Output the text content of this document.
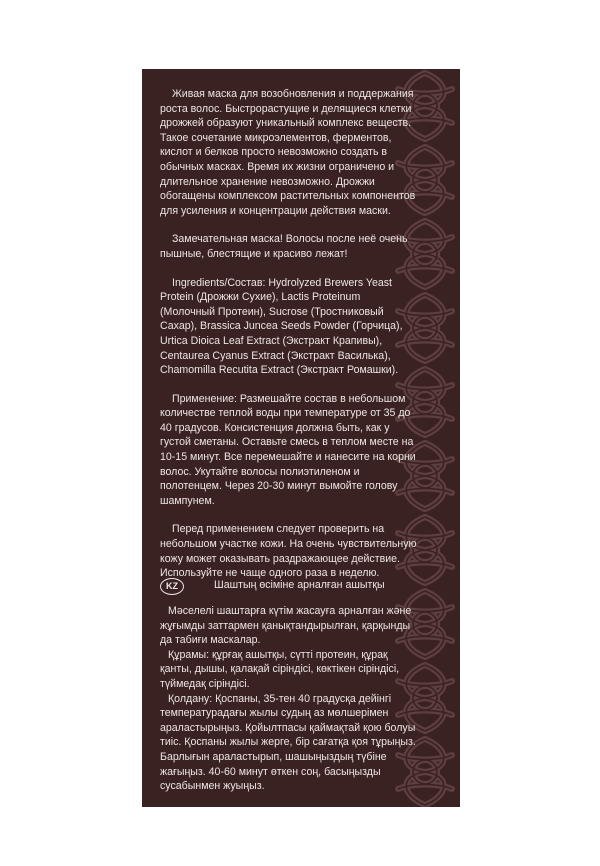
Живая маска для возобновления и поддержания роста волос. Быстрорастущие и делящиеся клетки дрожжей образуют уникальный комплекс веществ. Такое сочетание микроэлементов, ферментов, кислот и белков просто невозможно создать в обычных масках. Время их жизни ограничено и длительное хранение невозможно. Дрожжи обогащены комплексом растительных компонентов для усиления и концентрации действия маски.

Замечательная маска! Волосы после неё очень пышные, блестящие и красиво лежат!

Ingredients/Состав: Hydrolyzed Brewers Yeast Protein (Дрожжи Сухие), Lactis Proteinum (Молочный Протеин), Sucrose (Тростниковый Сахар), Brassica Juncea Seeds Powder (Горчица), Urtica Dioica Leaf Extract (Экстракт Крапивы), Centaurea Cyanus Extract (Экстракт Василька), Chamomilla Recutita Extract (Экстракт Ромашки).

Применение: Размешайте состав в небольшом количестве теплой воды при температуре от 35 до 40 градусов. Консистенция должна быть, как у густой сметаны. Оставьте смесь в теплом месте на 10-15 минут. Все перемешайте и нанесите на корни волос. Укутайте волосы полиэтиленом и полотенцем. Через 20-30 минут вымойте голову шампунем.

Перед применением следует проверить на небольшом участке кожи. На очень чувствительную кожу может оказывать раздражающее действие. Используйте не чаще одного раза в неделю.

KZ	Шаштың өсіміне арналған ашытқы

Мәселелі шаштарға күтім жасауға арналған және жұғымды заттармен қанықтандырылған, қарқынды да табиғи маскалар.

Құрамы: құрғақ ашытқы, сүтті протеин, құрақ қанты, дышы, қалақай сіріндісі, көктікен сіріндісі, түймедақ сіріндісі.

Қолдану: Қоспаны, 35-тен 40 градусқа дейінгі температурадағы жылы судың аз мөлшерімен араластырыңыз. Қойылтпасы қаймақтай қою болуы тиіс. Қоспаны жылы жерге, бір сағатқа қоя тұрыңыз. Барлығын араластырып, шашыңыздың түбіне жағыңыз. 40-60 минут өткен соң, басыңызды сусабынмен жуыңыз.
